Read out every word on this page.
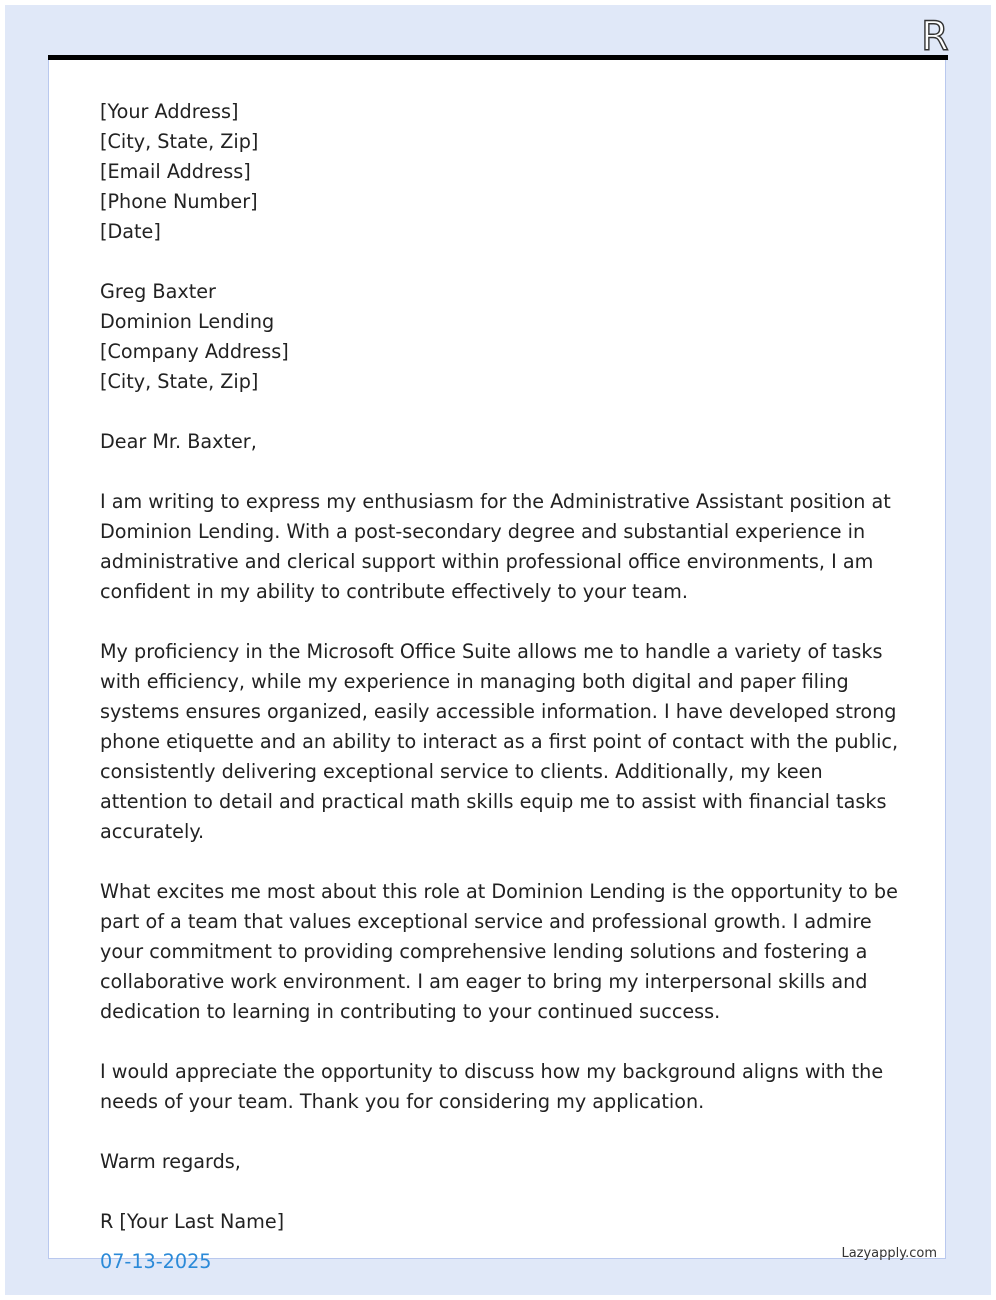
R
[Your Address]
[City, State, Zip]
[Email Address]
[Phone Number]
[Date]
Greg Baxter
Dominion Lending
[Company Address]
[City, State, Zip]

Dear Mr. Baxter,

I am writing to express my enthusiasm for the Administrative Assistant position at Dominion Lending. With a post-secondary degree and substantial experience in administrative and clerical support within professional office environments, I am confident in my ability to contribute effectively to your team.

My proficiency in the Microsoft Office Suite allows me to handle a variety of tasks with efficiency, while my experience in managing both digital and paper filing systems ensures organized, easily accessible information. I have developed strong phone etiquette and an ability to interact as a first point of contact with the public, consistently delivering exceptional service to clients. Additionally, my keen attention to detail and practical math skills equip me to assist with financial tasks accurately.

What excites me most about this role at Dominion Lending is the opportunity to be part of a team that values exceptional service and professional growth. I admire your commitment to providing comprehensive lending solutions and fostering a collaborative work environment. I am eager to bring my interpersonal skills and dedication to learning in contributing to your continued success.

I would appreciate the opportunity to discuss how my background aligns with the needs of your team. Thank you for considering my application.

Warm regards,

R [Your Last Name]
07-13-2025	Lazyapply.com
